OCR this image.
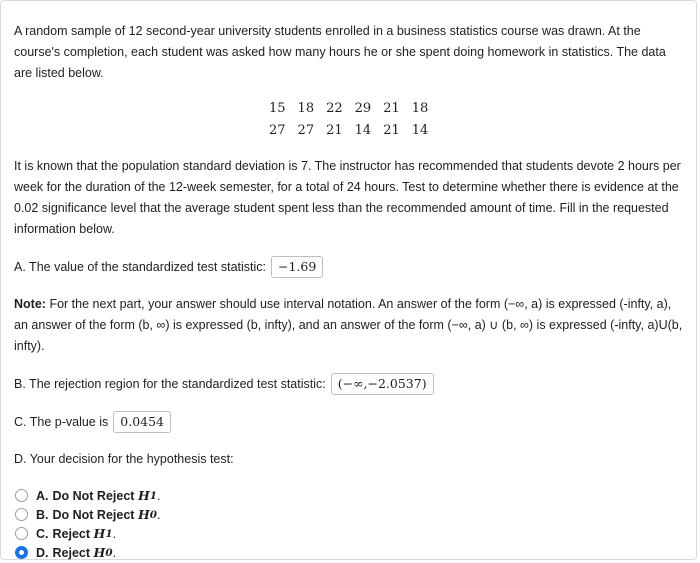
A random sample of 12 second-year university students enrolled in a business statistics course was drawn. At the course's completion, each student was asked how many hours he or she spent doing homework in statistics. The data are listed below.

15 18 22 29 21 18
27 27 21 14 21 14

It is known that the population standard deviation is 7. The instructor has recommended that students devote 2 hours per week for the duration of the 12-week semester, for a total of 24 hours. Test to determine whether there is evidence at the 0.02 significance level that the average student spent less than the recommended amount of time. Fill in the requested information below.

A. The value of the standardized test statistic: −1.69

Note: For the next part, your answer should use interval notation. An answer of the form (−∞, a) is expressed (-infty, a), an answer of the form (b, ∞) is expressed (b, infty), and an answer of the form (−∞, a) ∪ (b, ∞) is expressed (-infty, a)U(b, infty).

B. The rejection region for the standardized test statistic: (−∞,−2.0537)

C. The p-value is 0.0454

D. Your decision for the hypothesis test:

A. Do Not Reject
H 1 .
B. Do Not Reject
H 0 .
C. Reject
H 1 .
D. Reject
H 0 .
